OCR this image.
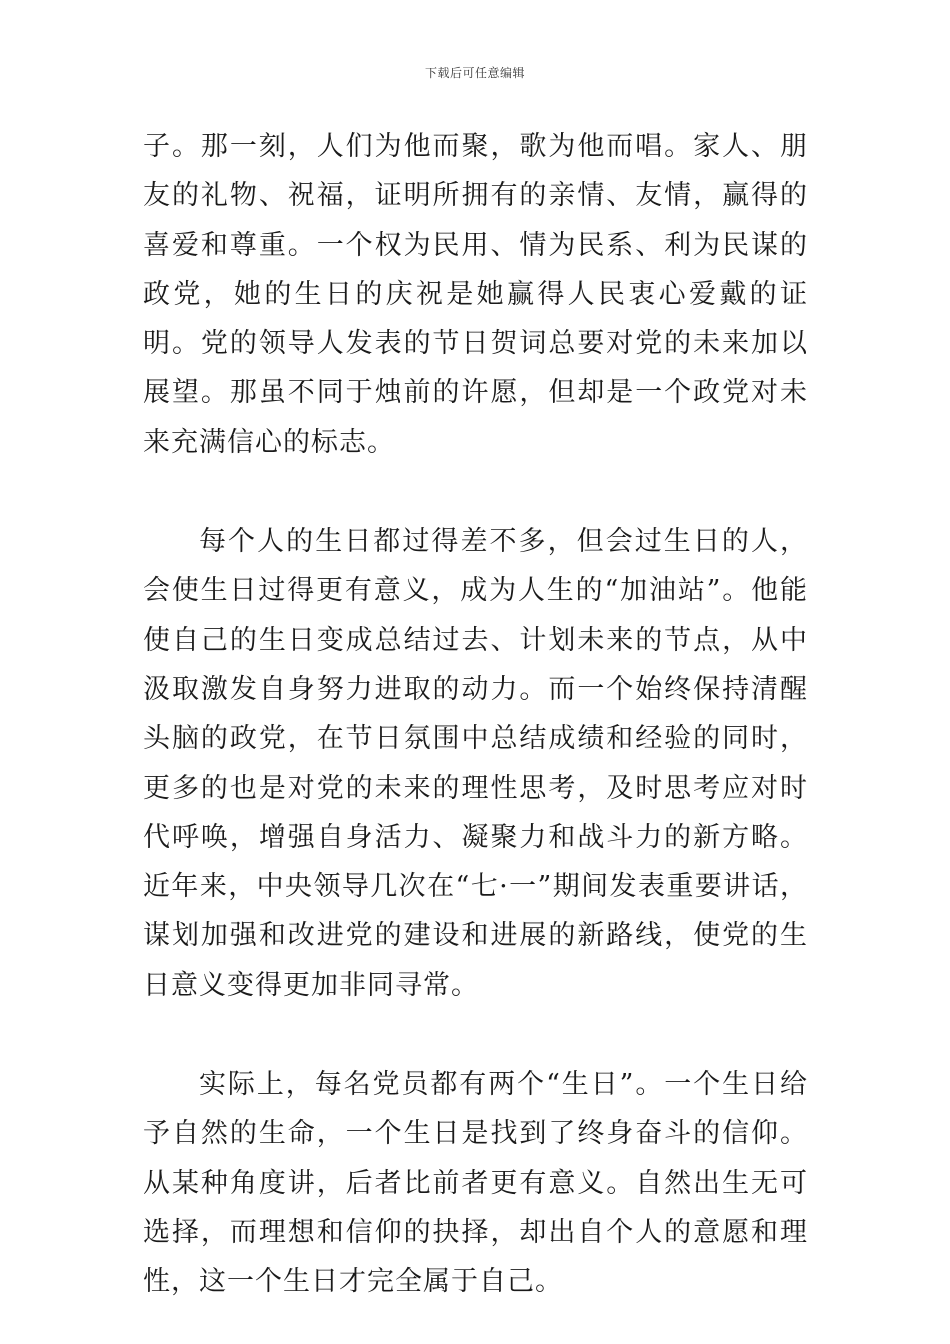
下载后可任意编辑

子。那一刻，人们为他而聚，歌为他而唱。家人、朋友的礼物、祝福，证明所拥有的亲情、友情，赢得的喜爱和尊重。一个权为民用、情为民系、利为民谋的政党，她的生日的庆祝是她赢得人民衷心爱戴的证明。党的领导人发表的节日贺词总要对党的未来加以展望。那虽不同于烛前的许愿，但却是一个政党对未来充满信心的标志。

每个人的生日都过得差不多，但会过生日的人，会使生日过得更有意义，成为人生的“加油站”。他能使自己的生日变成总结过去、计划未来的节点，从中汲取激发自身努力进取的动力。而一个始终保持清醒头脑的政党，在节日氛围中总结成绩和经验的同时，更多的也是对党的未来的理性思考，及时思考应对时代呼唤，增强自身活力、凝聚力和战斗力的新方略。近年来，中央领导几次在“七·一”期间发表重要讲话，谋划加强和改进党的建设和进展的新路线，使党的生日意义变得更加非同寻常。

实际上，每名党员都有两个“生日”。一个生日给予自然的生命，一个生日是找到了终身奋斗的信仰。从某种角度讲，后者比前者更有意义。自然出生无可选择，而理想和信仰的抉择，却出自个人的意愿和理性，这一个生日才完全属于自己。
